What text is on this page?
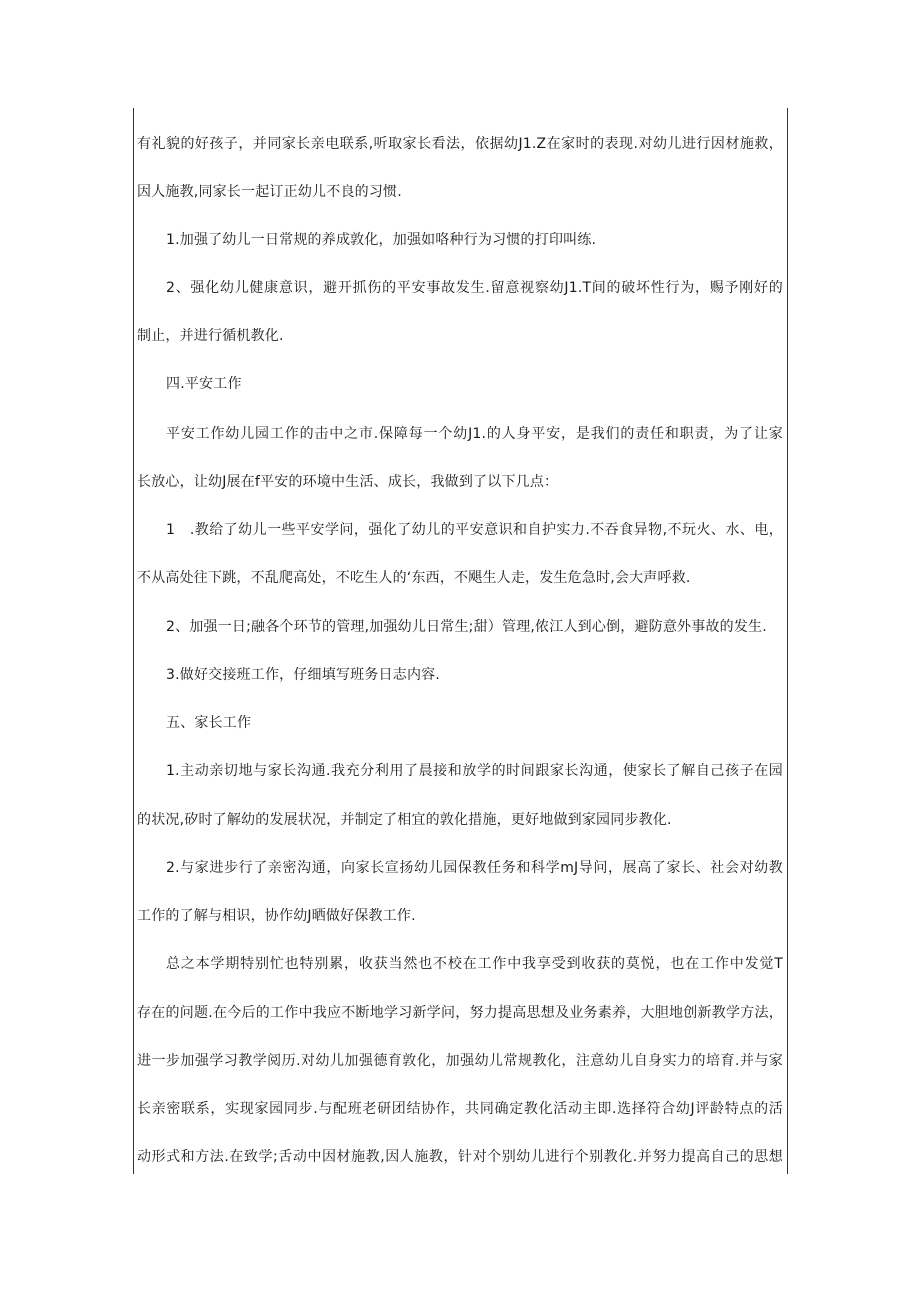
有礼貌的好孩子，并同家长亲电联系,听取家长看法，依据幼J1.Z在家时的表现.对幼儿进行因材施救，
因人施教,同家长一起订正幼儿不良的习惯.
1.加强了幼儿一日常规的养成敦化，加强如咯种行为习惯的打印叫练.
2、强化幼儿健康意识，避开抓伤的平安事故发生.留意视察幼J1.T间的破坏性行为，赐予刚好的
制止，并进行循机教化.
四.平安工作
平安工作幼儿园工作的击中之市.保障每一个幼J1.的人身平安，是我们的责任和职责，为了让家
长放心，让幼J展在f平安的环境中生活、成长，我做到了以下几点：
1　.教给了幼儿一些平安学问，强化了幼儿的平安意识和自护实力.不吞食异物,不玩火、水、电，
不从高处往下跳，不乱爬高处，不吃生人的‘东西，不飓生人走，发生危急时,会大声呼救.
2、加强一日;融各个环节的管理,加强幼儿日常生;甜）管理,侬江人到心倒，避防意外事故的发生.
3.做好交接班工作，仔细填写班务日志内容.
五、家长工作
1.主动亲切地与家长沟通.我充分利用了晨接和放学的时间跟家长沟通，使家长了解自己孩子在园
的状况,矽时了解幼的发展状况，并制定了相宜的敦化措施，更好地做到家园同步教化.
2.与家进步行了亲密沟通，向家长宣扬幼儿园保教任务和科学mJ导问，展高了家长、社会对幼教
工作的了解与相识，协作幼J晒做好保教工作.
总之本学期特别忙也特别累，收获当然也不校在工作中我享受到收获的莫悦，也在工作中发觉T
存在的问题.在今后的工作中我应不断地学习新学问，努力提高思想及业务素养，大胆地创新教学方法，
进一步加强学习教学阅历.对幼儿加强德育敦化，加强幼儿常规教化，注意幼儿自身实力的培育.并与家
长亲密联系，实现家园同步.与配班老研团结协作，共同确定教化活动主即.选择符合幼J评龄特点的活
动形式和方法.在致学;舌动中因材施教,因人施教，针对个别幼儿进行个别教化.并努力提高自己的思想
